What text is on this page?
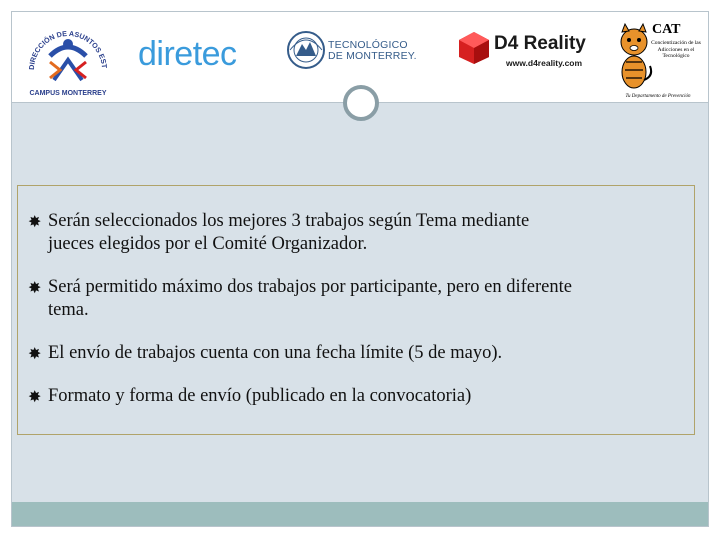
DIRECCIÓN DE ASUNTOS EST
CAMPUS MONTERREY
diretec	TECNOLÓGICO
DE MONTERREY.
D4 Reality
www.d4reality.com
CAT
Concientización de las Adicciones en el Tecnológico
Tu Departamento de Prevención
✸ Serán seleccionados los mejores 3 trabajos según Tema mediante
jueces elegidos por el Comité Organizador.
✸ Será permitido máximo dos trabajos por participante, pero en diferente
tema.
✸ El envío de trabajos cuenta con una fecha límite (5 de mayo).
✸ Formato y forma de envío (publicado en la convocatoria)
